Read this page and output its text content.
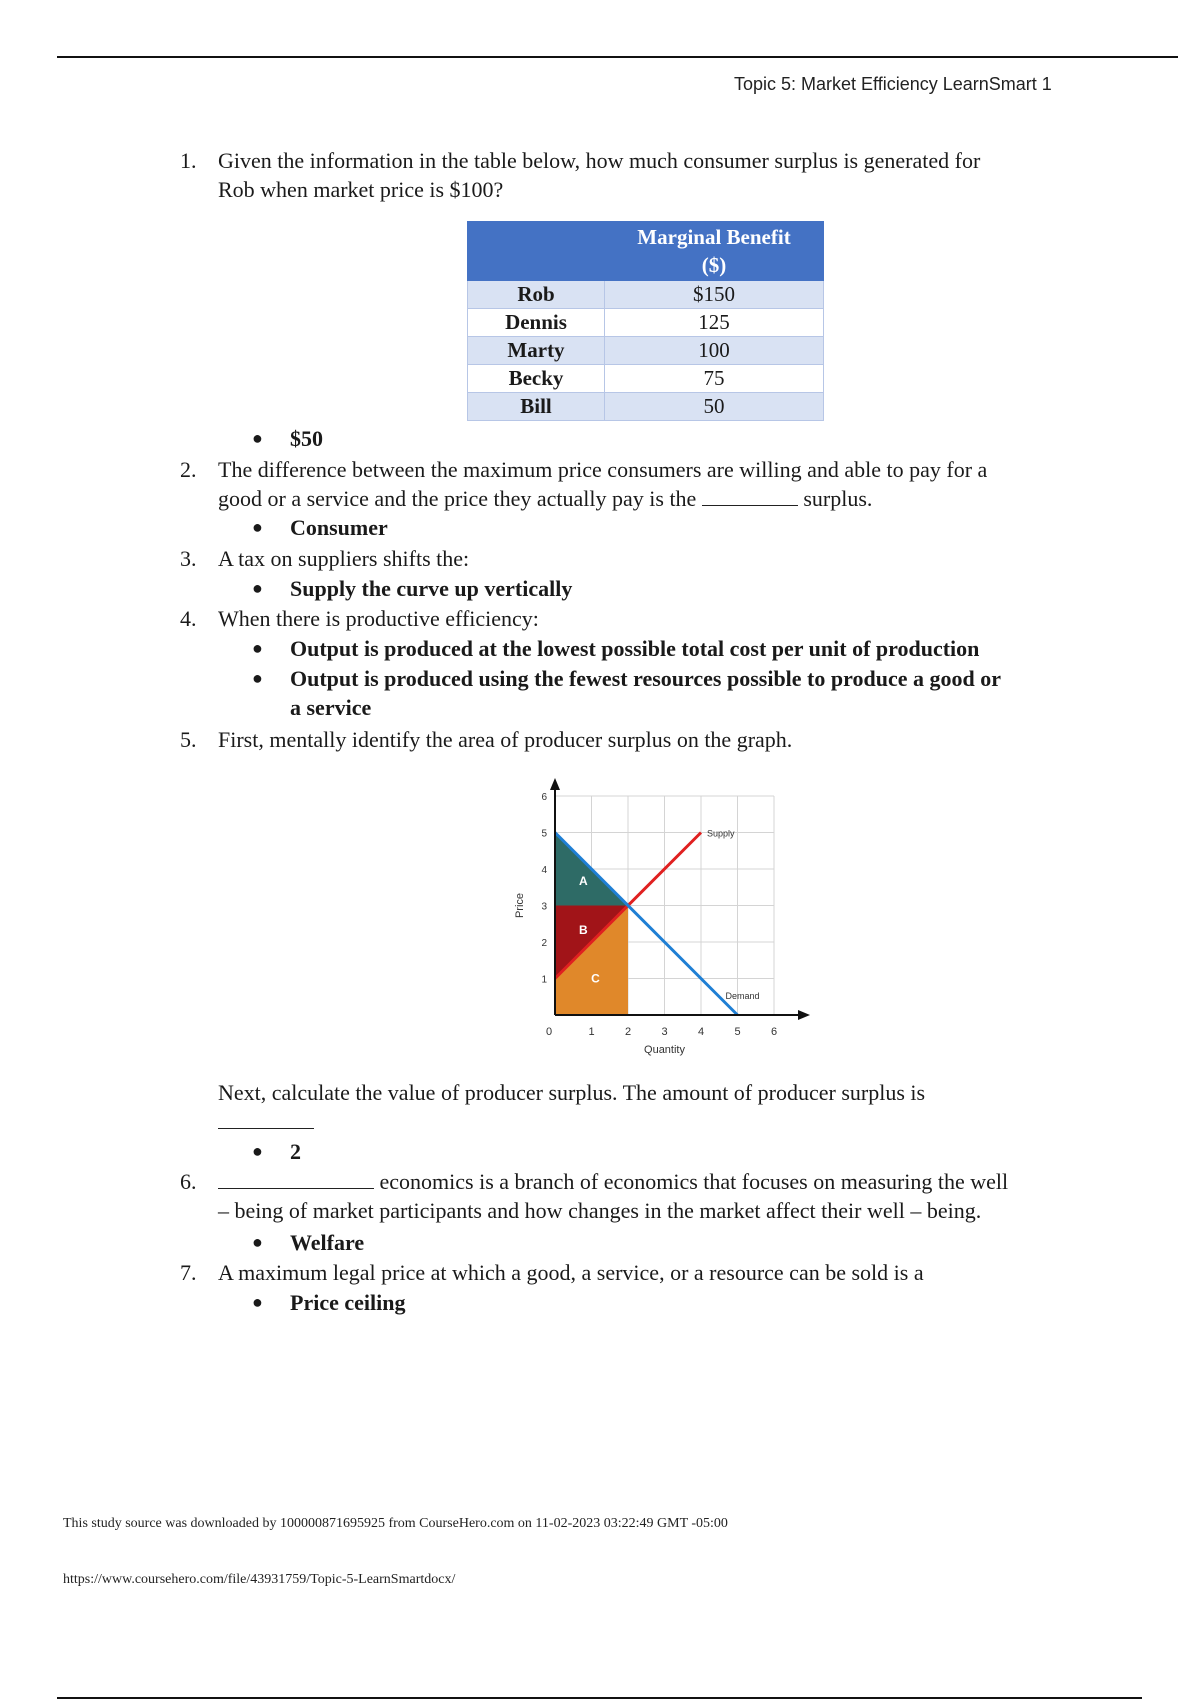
Topic 5: Market Efficiency LearnSmart 1
1. Given the information in the table below, how much consumer surplus is generated for
Rob when market price is $100?
	Marginal Benefit
($)
Rob	$150
Dennis	125
Marty	100
Becky	75
Bill	50
● $50
2. The difference between the maximum price consumers are willing and able to pay for a
good or a service and the price they actually pay is the	surplus.
● Consumer
3. A tax on suppliers shifts the:
● Supply the curve up vertically
4. When there is productive efficiency:
● Output is produced at the lowest possible total cost per unit of production
● Output is produced using the fewest resources possible to produce a good or
a service
5. First, mentally identify the area of producer surplus on the graph.
A
B
C
Supply
Demand
0	1	2	3	4	5	6
1
2
3
4
5
6
Quantity
Price
Next, calculate the value of producer surplus. The amount of producer surplus is
● 2
6.	economics is a branch of economics that focuses on measuring the well
– being of market participants and how changes in the market affect their well – being.
● Welfare
7. A maximum legal price at which a good, a service, or a resource can be sold is a
● Price ceiling
This study source was downloaded by 100000871695925 from CourseHero.com on 11-02-2023 03:22:49 GMT -05:00
https://www.coursehero.com/file/43931759/Topic-5-LearnSmartdocx/
